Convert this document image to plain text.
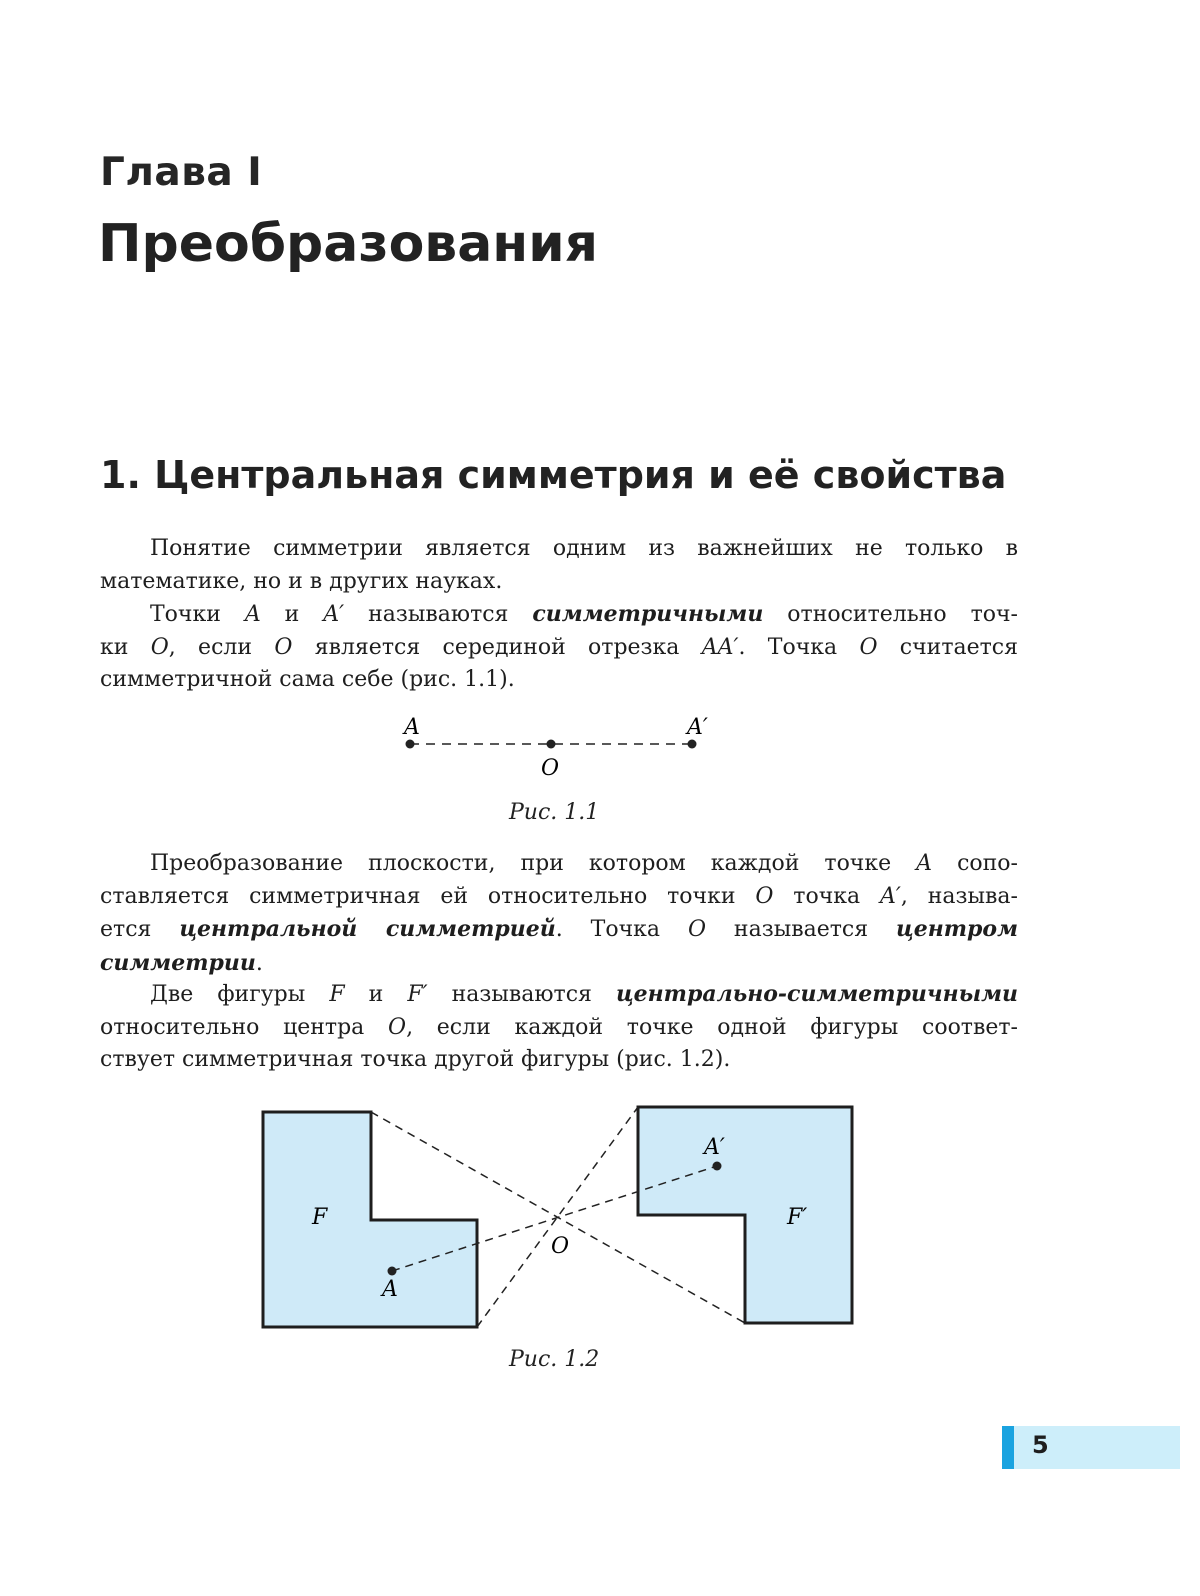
Глава I
Преобразования
1. Центральная симметрия и её свойства
Понятие симметрии является одним из важнейших не только в
математике, но и в других науках.
Точки A и A′ называются симметричными относительно точ-
ки O, если O является серединой отрезка AA′. Точка O считается
симметричной сама себе (рис. 1.1).
A	A′
O
Рис. 1.1
Преобразование плоскости, при котором каждой точке A сопо-
ставляется симметричная ей относительно точки O точка A′, называ-
ется центральной симметрией. Точка O называется центром
симметрии.
Две фигуры F и F′ называются центрально-симметричными
относительно центра O, если каждой точке одной фигуры соответ-
ствует симметричная точка другой фигуры (рис. 1.2).
F	F′
A
A′
O
Рис. 1.2
5
